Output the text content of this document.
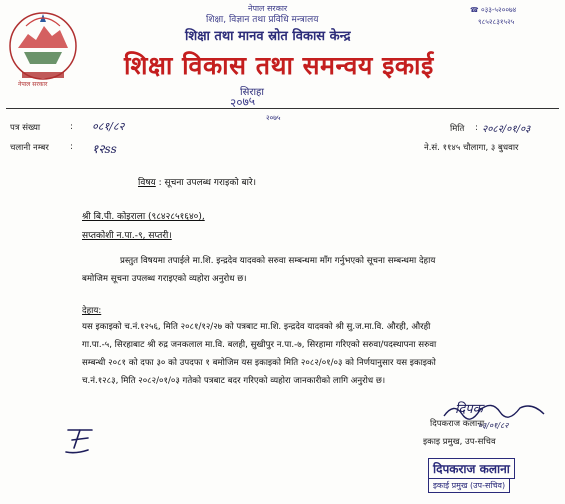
नेपाल सरकार
नेपाल सरकार
शिक्षा, विज्ञान तथा प्रविधि मन्त्रालय
शिक्षा तथा मानव स्रोत विकास केन्द्र
शिक्षा विकास तथा समन्वय इकाई
सिराहा
२०७५
२०७५
☎ ०३३-५२००७४
९८५२८३१५२५
पत्र संख्या	: ०८१/८२
चलानी नम्बर : १२ss
मिति : २०८२/०१/०३
ने.सं. ११४५ चौलागा, ३ बुधवार
विषय : सूचना उपलब्ध गराइको बारे।
श्री बि.पी. कोइराला (९८४२८५१६४०),
सप्तकोशी न.पा.-९, सप्तरी।
प्रस्तुत विषयमा तपाईले मा.शि. इन्द्रदेव यादवको सरुवा सम्बन्धमा माँग गर्नुभएको सूचना सम्बन्धमा देहाय
बमोजिम सूचना उपलब्ध गराइएको व्यहोरा अनुरोध छ।
देहाय:
यस इकाइको च.नं.१२५६, मिति २०८१/१२/२७ को पत्रबाट मा.शि. इन्द्रदेव यादवको श्री सु.ज.मा.वि. औरही, औरही
गा.पा.-५, सिरहाबाट श्री रुद्र जनकलाल मा.वि. बलही, सुखीपुर न.पा.-७, सिरहामा गरिएको सरुवा/पदस्थापना सरुवा
सम्बन्धी २०८१ को दफा ३० को उपदफा १ बमोजिम यस इकाइको मिति २०८२/०१/०३ को निर्णयानुसार यस इकाइको
च.नं.१२८३, मिति २०८२/०१/०३ गतेको पत्रबाट बदर गरिएको व्यहोरा जानकारीको लागि अनुरोध छ।
दिपक
०३/०१/८२
दिपकराज कलाना
इकाइ प्रमुख, उप-सचिव
दिपकराज कलाना
इकाई प्रमुख (उप-सचिव)
